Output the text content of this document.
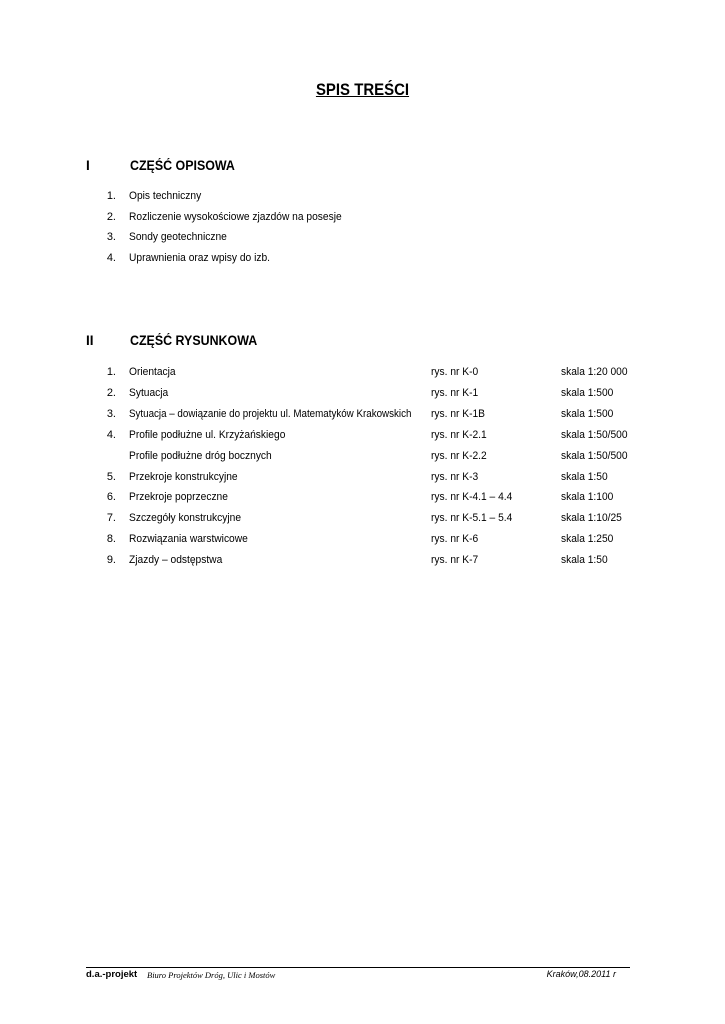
SPIS TREŚCI
I	CZĘŚĆ OPISOWA
1. Opis techniczny
2. Rozliczenie wysokościowe zjazdów na posesje
3. Sondy geotechniczne
4. Uprawnienia oraz wpisy do izb.
II	CZĘŚĆ RYSUNKOWA
1. Orientacja	rys. nr K-0	skala 1:20 000
2. Sytuacja	rys. nr K-1	skala 1:500
3. Sytuacja – dowiązanie do projektu ul. Matematyków Krakowskich rys. nr K-1B	skala 1:500
4. Profile podłużne ul. Krzyżańskiego	rys. nr K-2.1	skala 1:50/500
Profile podłużne dróg bocznych	rys. nr K-2.2	skala 1:50/500
5. Przekroje konstrukcyjne	rys. nr K-3	skala 1:50
6. Przekroje poprzeczne	rys. nr K-4.1 – 4.4	skala 1:100
7. Szczegóły konstrukcyjne	rys. nr K-5.1 – 5.4	skala 1:10/25
8. Rozwiązania warstwicowe	rys. nr K-6	skala 1:250
9. Zjazdy – odstępstwa	rys. nr K-7	skala 1:50
d.a.-projekt Biuro Projektów Dróg, Ulic i Mostów	Kraków,08.2011 r
